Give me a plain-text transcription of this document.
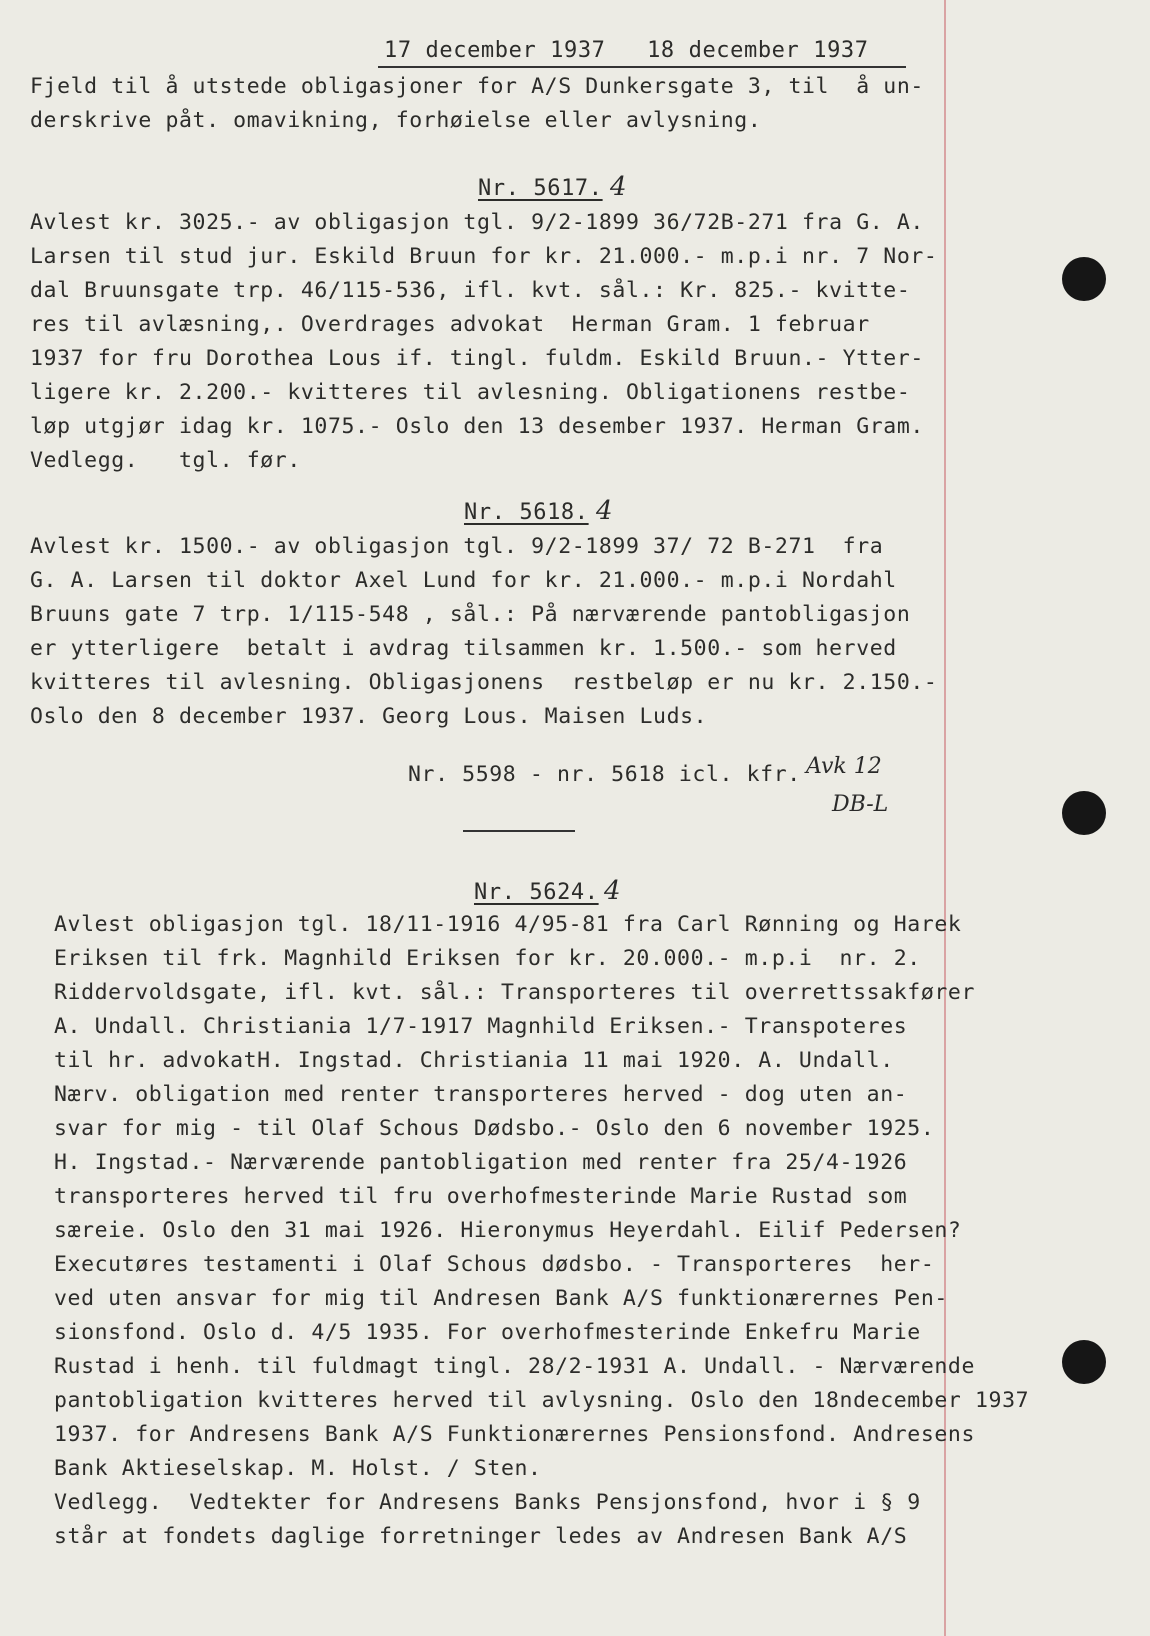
17 december 1937 18 december 1937
Fjeld til å utstede obligasjoner for A/S Dunkersgate 3, til  å un-
derskrive påt. omavikning, forhøielse eller avlysning.
Nr. 5617. 4
Avlest kr. 3025.- av obligasjon tgl. 9/2-1899 36/72B-271 fra G. A.
Larsen til stud jur. Eskild Bruun for kr. 21.000.- m.p.i nr. 7 Nor-
dal Bruunsgate trp. 46/115-536, ifl. kvt. sål.: Kr. 825.- kvitte-
res til avlæsning,. Overdrages advokat  Herman Gram. 1 februar
1937 for fru Dorothea Lous if. tingl. fuldm. Eskild Bruun.- Ytter-
ligere kr. 2.200.- kvitteres til avlesning. Obligationens restbe-
løp utgjør idag kr. 1075.- Oslo den 13 desember 1937. Herman Gram.
Vedlegg.   tgl. før.
Nr. 5618. 4
Avlest kr. 1500.- av obligasjon tgl. 9/2-1899 37/ 72 B-271  fra
G. A. Larsen til doktor Axel Lund for kr. 21.000.- m.p.i Nordahl
Bruuns gate 7 trp. 1/115-548 , sål.: På nærværende pantobligasjon
er ytterligere  betalt i avdrag tilsammen kr. 1.500.- som herved
kvitteres til avlesning. Obligasjonens  restbeløp er nu kr. 2.150.-
Oslo den 8 december 1937. Georg Lous. Maisen Luds.
Nr. 5598 - nr. 5618 icl. kfr. Avk 12
DB-L
Nr. 5624. 4
Avlest obligasjon tgl. 18/11-1916 4/95-81 fra Carl Rønning og Harek
Eriksen til frk. Magnhild Eriksen for kr. 20.000.- m.p.i  nr. 2.
Riddervoldsgate, ifl. kvt. sål.: Transporteres til overrettssakfører
A. Undall. Christiania 1/7-1917 Magnhild Eriksen.- Transpoteres
til hr. advokatH. Ingstad. Christiania 11 mai 1920. A. Undall.
Nærv. obligation med renter transporteres herved - dog uten an-
svar for mig - til Olaf Schous Dødsbo.- Oslo den 6 november 1925.
H. Ingstad.- Nærværende pantobligation med renter fra 25/4-1926
transporteres herved til fru overhofmesterinde Marie Rustad som
særeie. Oslo den 31 mai 1926. Hieronymus Heyerdahl. Eilif Pedersen?
Executøres testamenti i Olaf Schous dødsbo. - Transporteres  her-
ved uten ansvar for mig til Andresen Bank A/S funktionærernes Pen-
sionsfond. Oslo d. 4/5 1935. For overhofmesterinde Enkefru Marie
Rustad i henh. til fuldmagt tingl. 28/2-1931 A. Undall. - Nærværende
pantobligation kvitteres herved til avlysning. Oslo den 18ndecember 1937
1937. for Andresens Bank A/S Funktionærernes Pensionsfond. Andresens
Bank Aktieselskap. M. Holst. / Sten.
Vedlegg.  Vedtekter for Andresens Banks Pensjonsfond, hvor i § 9
står at fondets daglige forretninger ledes av Andresen Bank A/S
